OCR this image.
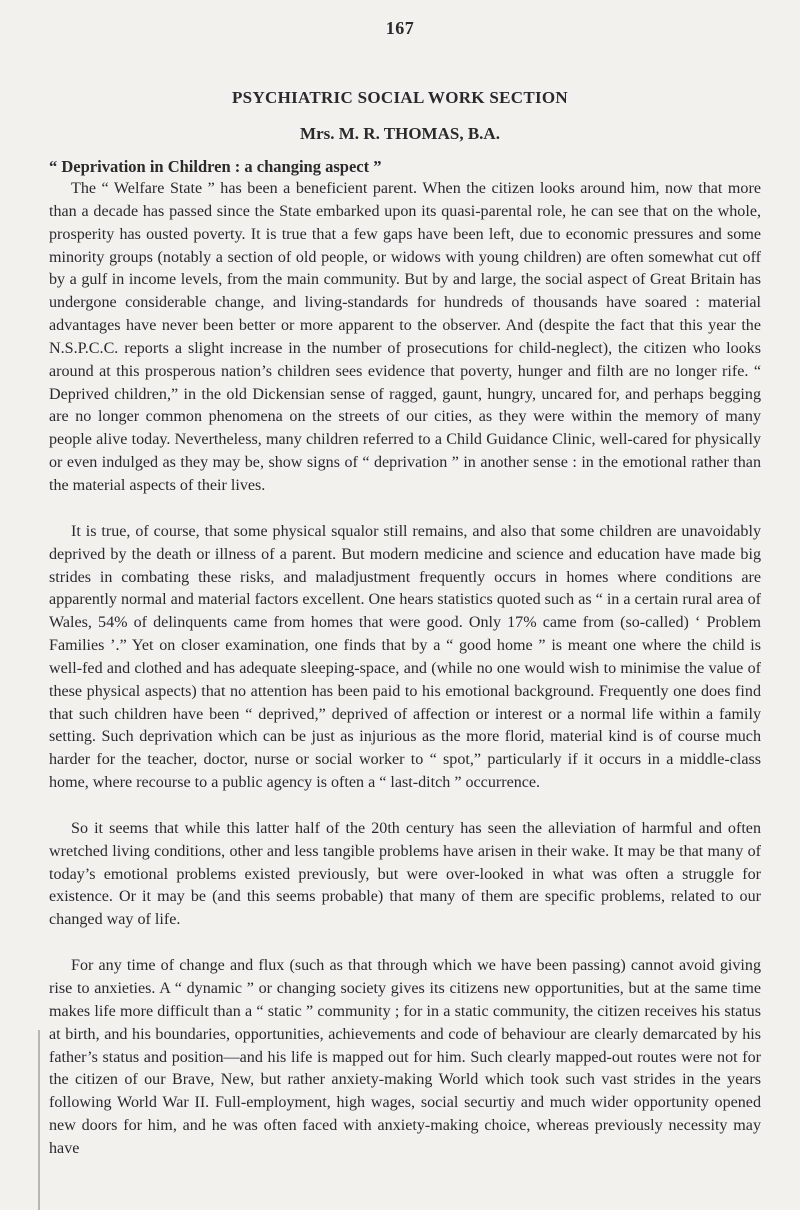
167
PSYCHIATRIC SOCIAL WORK SECTION
Mrs. M. R. THOMAS, B.A.

“ Deprivation in Children : a changing aspect ”

The “ Welfare State ” has been a beneficient parent. When the citizen looks around him, now that more than a decade has passed since the State embarked upon its quasi-parental role, he can see that on the whole, prosperity has ousted poverty. It is true that a few gaps have been left, due to economic pressures and some minority groups (notably a section of old people, or widows with young children) are often somewhat cut off by a gulf in income levels, from the main community. But by and large, the social aspect of Great Britain has undergone considerable change, and living-standards for hundreds of thousands have soared : material advantages have never been better or more apparent to the observer. And (despite the fact that this year the N.S.P.C.C. reports a slight increase in the number of prosecutions for child-neglect), the citizen who looks around at this prosperous nation’s children sees evidence that poverty, hunger and filth are no longer rife. “ Deprived children,” in the old Dickensian sense of ragged, gaunt, hungry, uncared for, and perhaps begging are no longer common phenomena on the streets of our cities, as they were within the memory of many people alive today. Nevertheless, many children referred to a Child Guidance Clinic, well-cared for physically or even indulged as they may be, show signs of “ deprivation ” in another sense : in the emotional rather than the material aspects of their lives.

It is true, of course, that some physical squalor still remains, and also that some children are unavoidably deprived by the death or illness of a parent. But modern medicine and science and education have made big strides in combating these risks, and maladjustment frequently occurs in homes where conditions are apparently normal and material factors excellent. One hears statistics quoted such as “ in a certain rural area of Wales, 54% of delinquents came from homes that were good. Only 17% came from (so-called) ‘ Problem Families ’.” Yet on closer examination, one finds that by a “ good home ” is meant one where the child is well-fed and clothed and has adequate sleeping-space, and (while no one would wish to minimise the value of these physical aspects) that no attention has been paid to his emotional background. Frequently one does find that such children have been “ deprived,” deprived of affection or interest or a normal life within a family setting. Such deprivation which can be just as injurious as the more florid, material kind is of course much harder for the teacher, doctor, nurse or social worker to “ spot,” particularly if it occurs in a middle-class home, where recourse to a public agency is often a “ last-ditch ” occurrence.

So it seems that while this latter half of the 20th century has seen the alleviation of harmful and often wretched living conditions, other and less tangible problems have arisen in their wake. It may be that many of today’s emotional problems existed previously, but were over-looked in what was often a struggle for existence. Or it may be (and this seems probable) that many of them are specific problems, related to our changed way of life.

For any time of change and flux (such as that through which we have been passing) cannot avoid giving rise to anxieties. A “ dynamic ” or changing society gives its citizens new opportunities, but at the same time makes life more difficult than a “ static ” community ; for in a static community, the citizen receives his status at birth, and his boundaries, opportunities, achievements and code of behaviour are clearly demarcated by his father’s status and position—and his life is mapped out for him. Such clearly mapped-out routes were not for the citizen of our Brave, New, but rather anxiety-making World which took such vast strides in the years following World War II. Full-employment, high wages, social securtiy and much wider opportunity opened new doors for him, and he was often faced with anxiety-making choice, whereas previously necessity may have
